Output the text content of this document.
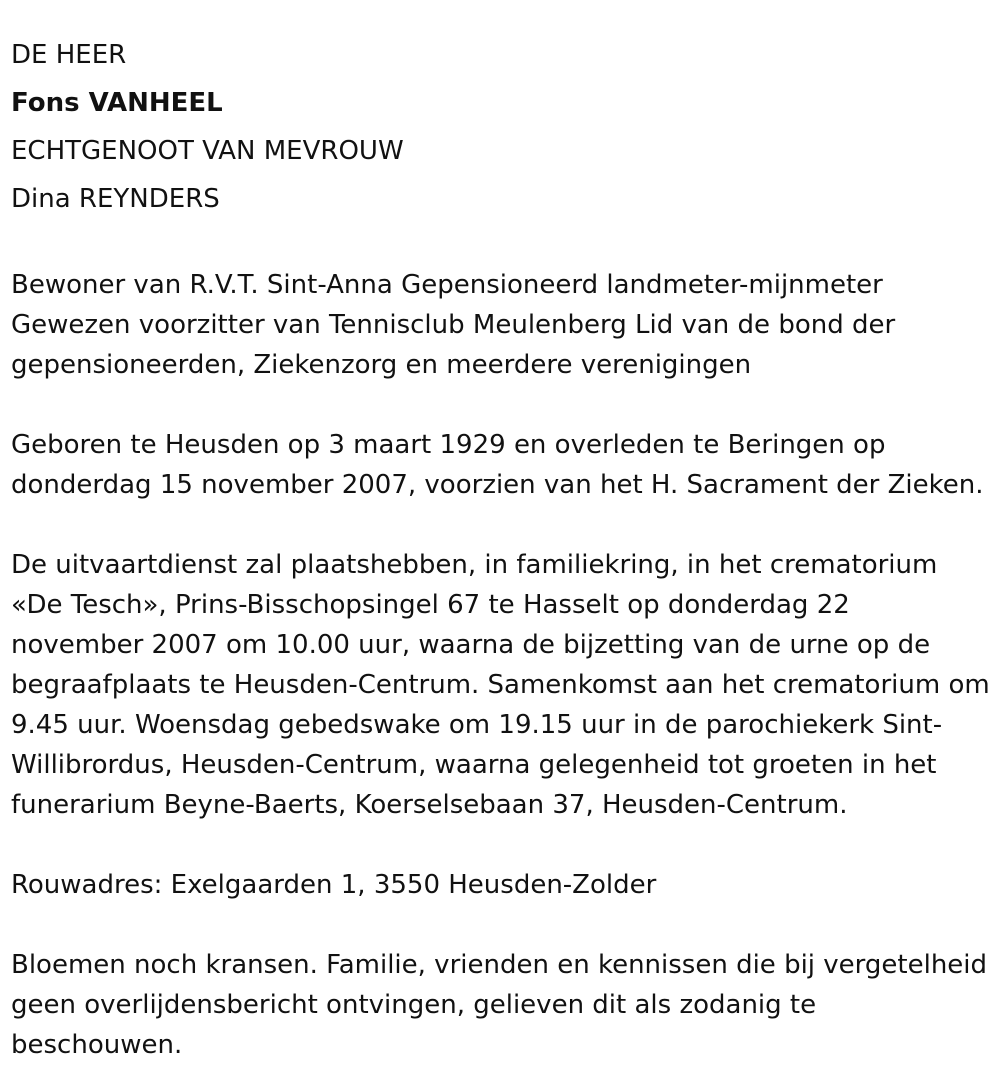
DE HEER

Fons VANHEEL

ECHTGENOOT VAN MEVROUW

Dina REYNDERS

Bewoner van R.V.T. Sint-Anna Gepensioneerd landmeter-mijnmeter Gewezen voorzitter van Tennisclub Meulenberg Lid van de bond der gepensioneerden, Ziekenzorg en meerdere verenigingen

Geboren te Heusden op 3 maart 1929 en overleden te Beringen op donderdag 15 november 2007, voorzien van het H. Sacrament der Zieken.

De uitvaartdienst zal plaatshebben, in familiekring, in het crematorium «De Tesch», Prins-Bisschopsingel 67 te Hasselt op donderdag 22 november 2007 om 10.00 uur, waarna de bijzetting van de urne op de begraafplaats te Heusden-Centrum. Samenkomst aan het crematorium om 9.45 uur. Woensdag gebedswake om 19.15 uur in de parochiekerk Sint-Willibrordus, Heusden-Centrum, waarna gelegenheid tot groeten in het funerarium Beyne-Baerts, Koerselsebaan 37, Heusden-Centrum.

Rouwadres: Exelgaarden 1, 3550 Heusden-Zolder

Bloemen noch kransen. Familie, vrienden en kennissen die bij vergetelheid geen overlijdensbericht ontvingen, gelieven dit als zodanig te beschouwen.
